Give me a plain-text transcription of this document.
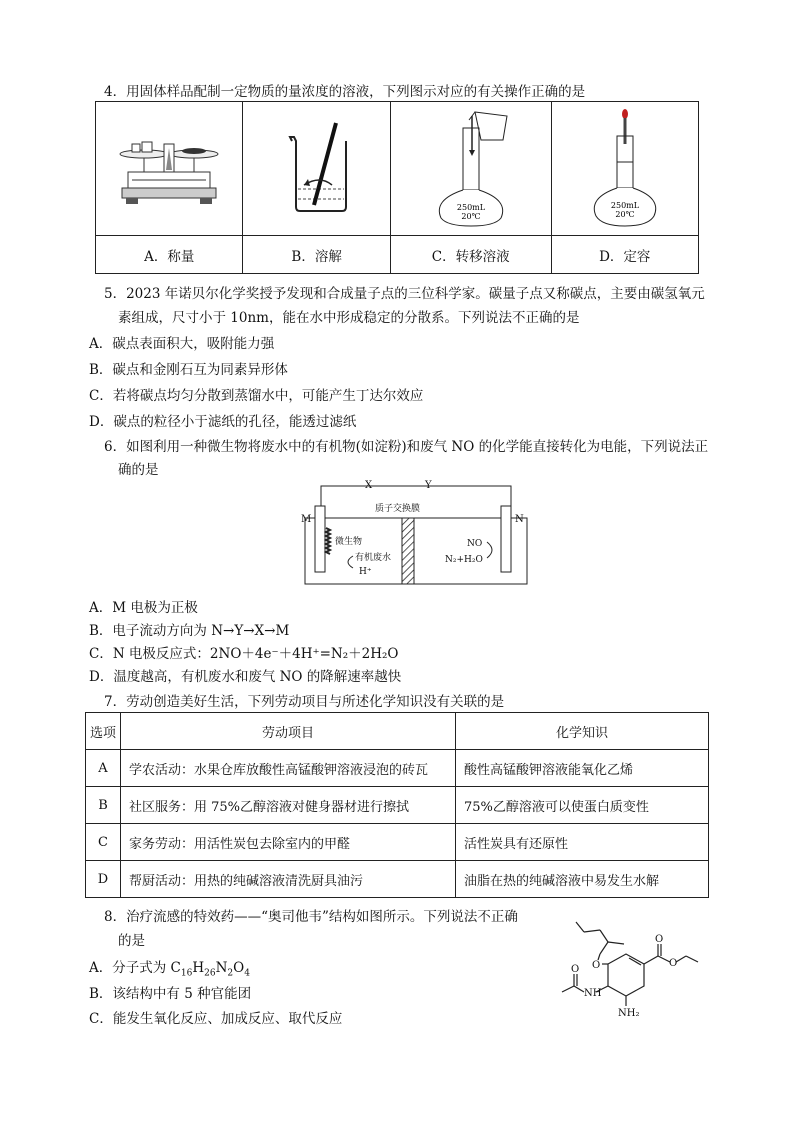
4．用固体样品配制一定物质的量浓度的溶液，下列图示对应的有关操作正确的是

250mL
20℃	250mL
20℃

A．称量	B．溶解	C．转移溶液	D．定容
5．2023 年诺贝尔化学奖授予发现和合成量子点的三位科学家。碳量子点又称碳点，主要由碳氢氧元
素组成，尺寸小于 10nm，能在水中形成稳定的分散系。下列说法不正确的是
A．碳点表面积大，吸附能力强
B．碳点和金刚石互为同素异形体
C．若将碳点均匀分散到蒸馏水中，可能产生丁达尔效应
D．碳点的粒径小于滤纸的孔径，能透过滤纸
6．如图利用一种微生物将废水中的有机物(如淀粉)和废气 NO 的化学能直接转化为电能，下列说法正
确的是
X	Y
质子交换膜
M	N
微生物
有机废水
H⁺
NO
N₂+H₂O
A．M 电极为正极
B．电子流动方向为 N→Y→X→M
C．N 电极反应式：2NO＋4e⁻＋4H⁺=N₂＋2H₂O
D．温度越高，有机废水和废气 NO 的降解速率越快
7．劳动创造美好生活，下列劳动项目与所述化学知识没有关联的是
选项	劳动项目	化学知识
A	学农活动：水果仓库放酸性高锰酸钾溶液浸泡的砖瓦	酸性高锰酸钾溶液能氧化乙烯
B	社区服务：用 75%乙醇溶液对健身器材进行擦拭	75%乙醇溶液可以使蛋白质变性
C	家务劳动：用活性炭包去除室内的甲醛	活性炭具有还原性
D	帮厨活动：用热的纯碱溶液清洗厨具油污	油脂在热的纯碱溶液中易发生水解
8．治疗流感的特效药——“奥司他韦”结构如图所示。下列说法不正确
的是
A．分子式为 $C_{16}H_{26}N_2O_4$
B．该结构中有 5 种官能团
C．能发生氧化反应、加成反应、取代反应
O
O
O
O
NH
NH₂
